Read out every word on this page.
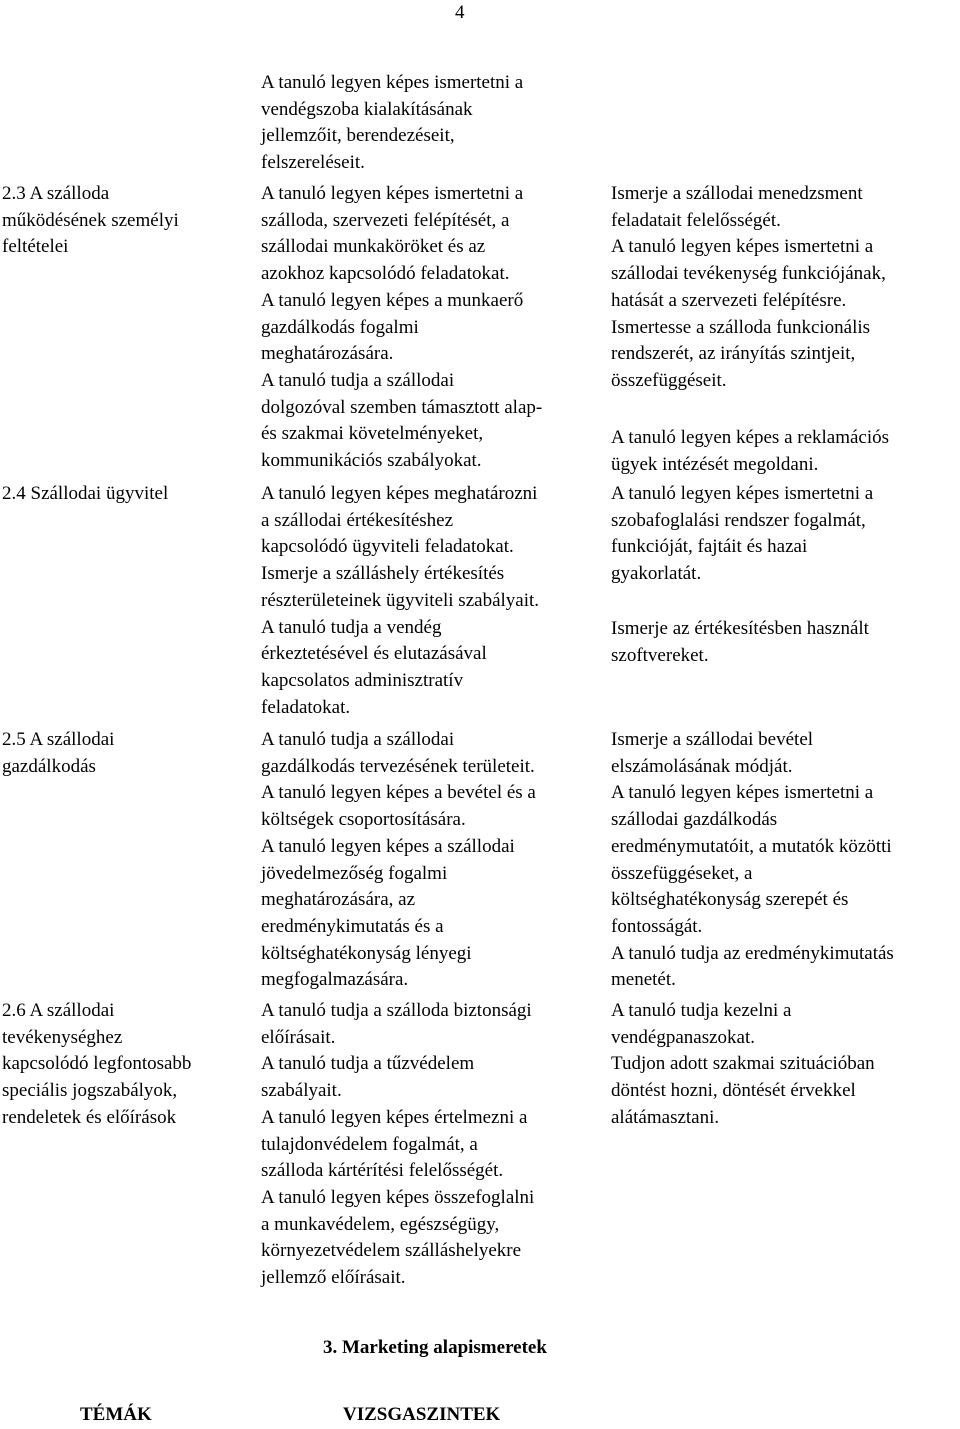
4
A tanuló legyen képes ismertetni a
vendégszoba kialakításának
jellemzőit, berendezéseit,
felszereléseit.
2.3 A szálloda
működésének személyi
feltételei
A tanuló legyen képes ismertetni a
szálloda, szervezeti felépítését, a
szállodai munkaköröket és az
azokhoz kapcsolódó feladatokat.
A tanuló legyen képes a munkaerő
gazdálkodás fogalmi
meghatározására.
A tanuló tudja a szállodai
dolgozóval szemben támasztott alap-
és szakmai követelményeket,
kommunikációs szabályokat.
Ismerje a szállodai menedzsment
feladatait felelősségét.
A tanuló legyen képes ismertetni a
szállodai tevékenység funkciójának,
hatását a szervezeti felépítésre.
Ismertesse a szálloda funkcionális
rendszerét, az irányítás szintjeit,
összefüggéseit.
A tanuló legyen képes a reklamációs
ügyek intézését megoldani.
2.4 Szállodai ügyvitel	A tanuló legyen képes meghatározni
a szállodai értékesítéshez
kapcsolódó ügyviteli feladatokat.
Ismerje a szálláshely értékesítés
részterületeinek ügyviteli szabályait.
A tanuló tudja a vendég
érkeztetésével és elutazásával
kapcsolatos adminisztratív
feladatokat.
A tanuló legyen képes ismertetni a
szobafoglalási rendszer fogalmát,
funkcióját, fajtáit és hazai
gyakorlatát.
Ismerje az értékesítésben használt
szoftvereket.
2.5 A szállodai
gazdálkodás
A tanuló tudja a szállodai
gazdálkodás tervezésének területeit.
A tanuló legyen képes a bevétel és a
költségek csoportosítására.
A tanuló legyen képes a szállodai
jövedelmezőség fogalmi
meghatározására, az
eredménykimutatás és a
költséghatékonyság lényegi
megfogalmazására.
Ismerje a szállodai bevétel
elszámolásának módját.
A tanuló legyen képes ismertetni a
szállodai gazdálkodás
eredménymutatóit, a mutatók közötti
összefüggéseket, a
költséghatékonyság szerepét és
fontosságát.
A tanuló tudja az eredménykimutatás
menetét.
2.6 A szállodai
tevékenységhez
kapcsolódó legfontosabb
speciális jogszabályok,
rendeletek és előírások
A tanuló tudja a szálloda biztonsági
előírásait.
A tanuló tudja a tűzvédelem
szabályait.
A tanuló legyen képes értelmezni a
tulajdonvédelem fogalmát, a
szálloda kártérítési felelősségét.
A tanuló legyen képes összefoglalni
a munkavédelem, egészségügy,
környezetvédelem szálláshelyekre
jellemző előírásait.
A tanuló tudja kezelni a
vendégpanaszokat.
Tudjon adott szakmai szituációban
döntést hozni, döntését érvekkel
alátámasztani.
3. Marketing alapismeretek
TÉMÁK	VIZSGASZINTEK
